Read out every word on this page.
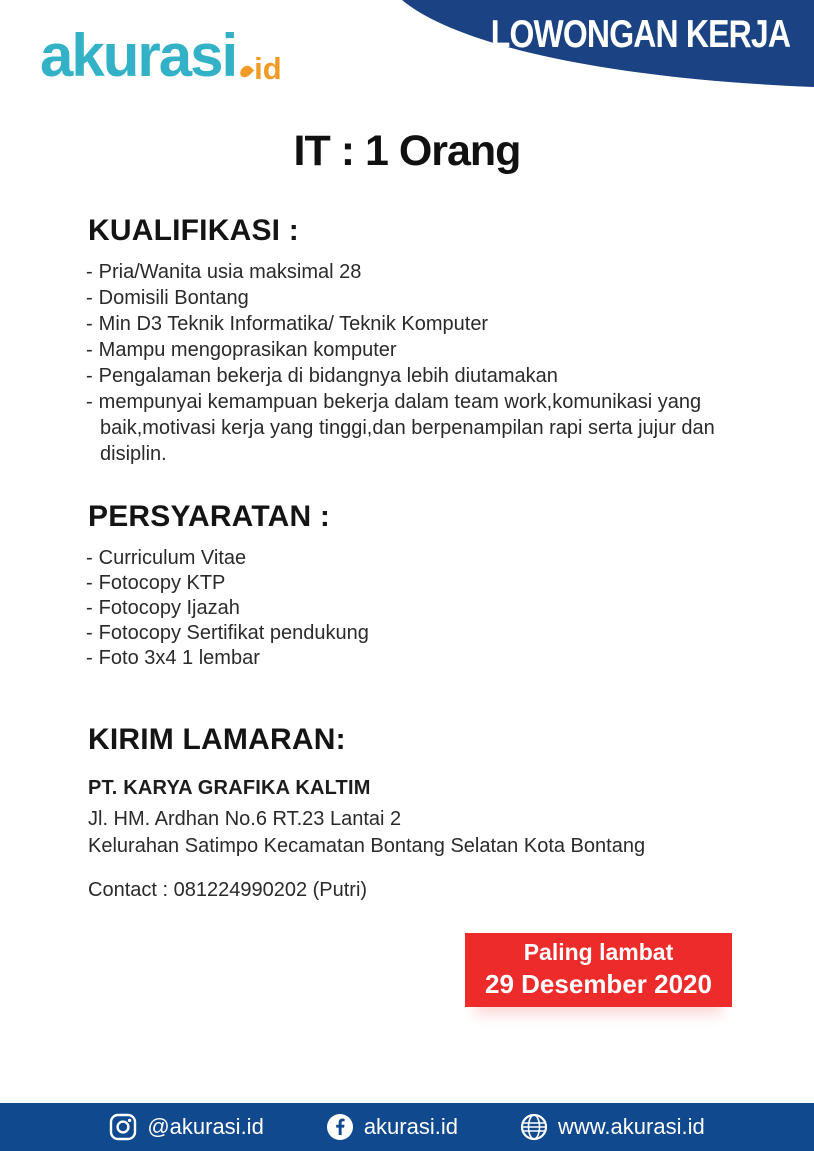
akurasi id
LOWONGAN KERJA
IT : 1 Orang
KUALIFIKASI :
- Pria/Wanita usia maksimal 28
- Domisili Bontang
- Min D3 Teknik Informatika/ Teknik Komputer
- Mampu mengoprasikan komputer
- Pengalaman bekerja di bidangnya lebih diutamakan
- mempunyai kemampuan bekerja dalam team work,komunikasi yang baik,motivasi kerja yang tinggi,dan berpenampilan rapi serta jujur dan disiplin.
PERSYARATAN :
- Curriculum Vitae
- Fotocopy KTP
- Fotocopy Ijazah
- Fotocopy Sertifikat pendukung
- Foto 3x4 1 lembar
KIRIM LAMARAN:
PT. KARYA GRAFIKA KALTIM
Jl. HM. Ardhan No.6 RT.23 Lantai 2
Kelurahan Satimpo Kecamatan Bontang Selatan Kota Bontang
Contact : 081224990202 (Putri)
Paling lambat
29 Desember 2020
@akurasi.id	akurasi.id	www.akurasi.id
